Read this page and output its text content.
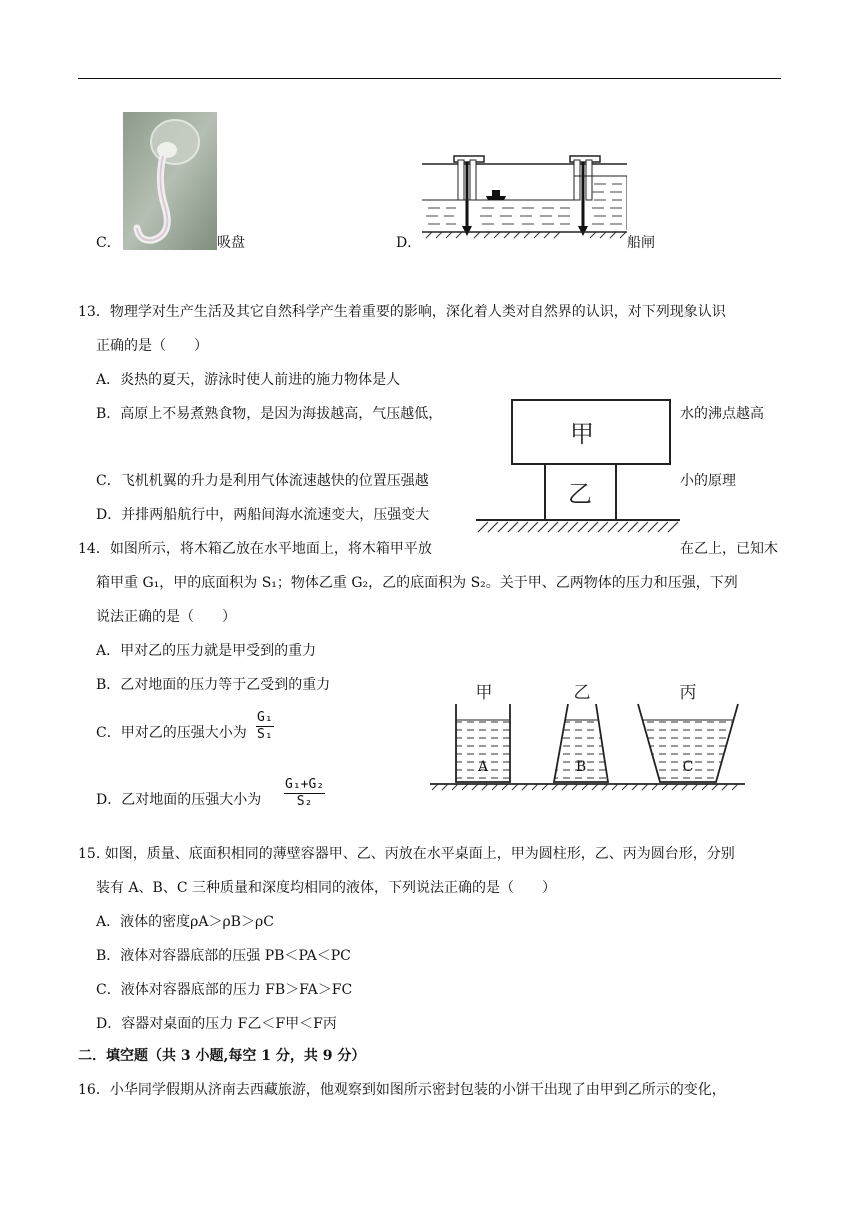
C．	吸盘	D．	船闸
13．物理学对生产生活及其它自然科学产生着重要的影响，深化着人类对自然界的认识，对下列现象认识
正确的是（　　）
A．炎热的夏天，游泳时使人前进的施力物体是人
B．高原上不易煮熟食物，是因为海拔越高，气压越低，	水的沸点越高
C．飞机机翼的升力是利用气体流速越快的位置压强越	小的原理
D．并排两船航行中，两船间海水流速变大，压强变大
甲
乙
14．如图所示，将木箱乙放在水平地面上，将木箱甲平放	在乙上，已知木
箱甲重 G₁，甲的底面积为 S₁；物体乙重 G₂，乙的底面积为 S₂。关于甲、乙两物体的压力和压强，下列
说法正确的是（　　）
A．甲对乙的压力就是甲受到的重力
B．乙对地面的压力等于乙受到的重力
C．甲对乙的压强大小为 $\frac{\text{G₁}}{\text{S₁}}$
D．乙对地面的压强大小为 $\frac{\text{G₁+G₂}}{\text{S₂}}$
甲
A
乙
B
丙
C
15. 如图，质量、底面积相同的薄壁容器甲、乙、丙放在水平桌面上，甲为圆柱形，乙、丙为圆台形，分别
装有 A、B、C 三种质量和深度均相同的液体，下列说法正确的是（　　）
A．液体的密度ρA＞ρB＞ρC
B．液体对容器底部的压强 PB＜PA＜PC
C．液体对容器底部的压力 FB＞FA＞FC
D．容器对桌面的压力 F乙＜F甲＜F丙
二．填空题（共 3 小题,每空 1 分，共 9 分）
16．小华同学假期从济南去西藏旅游，他观察到如图所示密封包装的小饼干出现了由甲到乙所示的变化，
